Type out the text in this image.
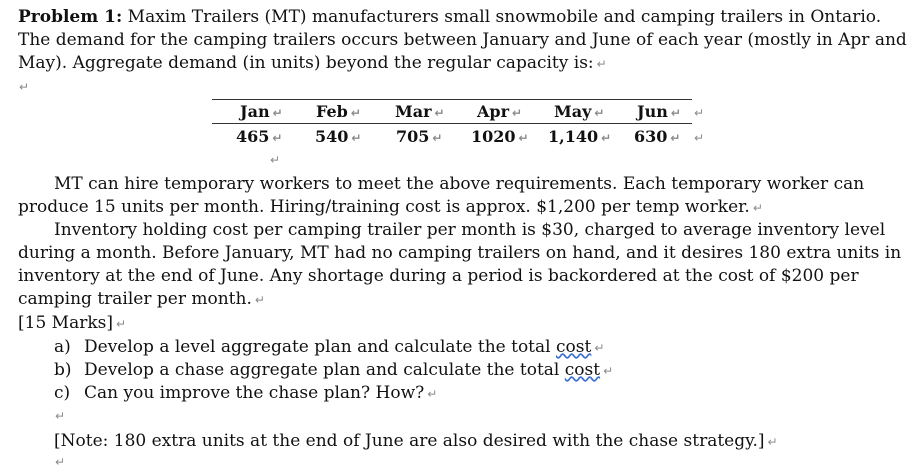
Problem 1: Maxim Trailers (MT) manufacturers small snowmobile and camping trailers in Ontario.
The demand for the camping trailers occurs between January and June of each year (mostly in Apr and
May). Aggregate demand (in units) beyond the regular capacity is: ↵
↵
Jan ↵ Feb ↵ Mar ↵ Apr ↵ May ↵ Jun ↵ ↵
465 ↵ 540 ↵ 705 ↵ 1020 ↵ 1,140 ↵ 630 ↵ ↵
↵
MT can hire temporary workers to meet the above requirements. Each temporary worker can
produce 15 units per month. Hiring/training cost is approx. $1,200 per temp worker. ↵
Inventory holding cost per camping trailer per month is $30, charged to average inventory level
during a month. Before January, MT had no camping trailers on hand, and it desires 180 extra units in
inventory at the end of June. Any shortage during a period is backordered at the cost of $200 per
camping trailer per month. ↵
[15 Marks] ↵
a) Develop a level aggregate plan and calculate the total cost ↵
b) Develop a chase aggregate plan and calculate the total cost ↵
c) Can you improve the chase plan? How? ↵
↵
[Note: 180 extra units at the end of June are also desired with the chase strategy.] ↵
↵
